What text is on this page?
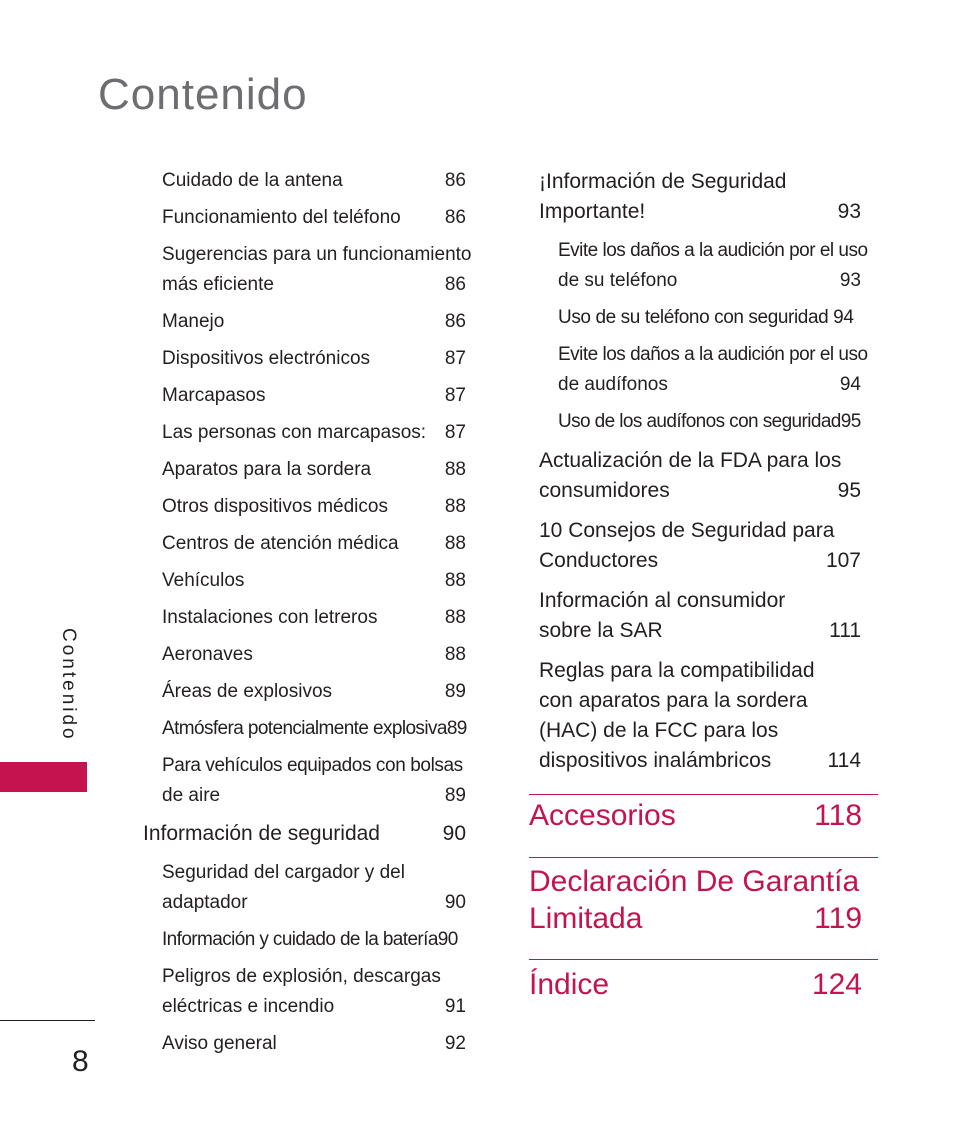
Contenido
Cuidado de la antena	86
Funcionamiento del teléfono 86
Sugerencias para un funcionamiento
más eficiente	86
Manejo	86
Dispositivos electrónicos	87
Marcapasos	87
Las personas con marcapasos: 87
Aparatos para la sordera	88
Otros dispositivos médicos	88
Centros de atención médica 88
Vehículos	88
Instalaciones con letreros	88
Aeronaves	88
Áreas de explosivos	89
Atmósfera potencialmente explosiva89
Para vehículos equipados con bolsas
de aire	89
Información de seguridad	90
Seguridad del cargador y del
adaptador	90
Información y cuidado de la batería90
Peligros de explosión, descargas
eléctricas e incendio	91
Aviso general	92
¡Información de Seguridad
Importante!	93
Evite los daños a la audición por el uso
de su teléfono	93
Uso de su teléfono con seguridad 94
Evite los daños a la audición por el uso
de audífonos	94
Uso de los audífonos con seguridad95
Actualización de la FDA para los
consumidores	95
10 Consejos de Seguridad para
Conductores	107
Información al consumidor
sobre la SAR	111
Reglas para la compatibilidad
con aparatos para la sordera
(HAC) de la FCC para los
dispositivos inalámbricos	114
Accesorios	118
Declaración De Garantía
Limitada	119
Índice	124
Contenido
8
